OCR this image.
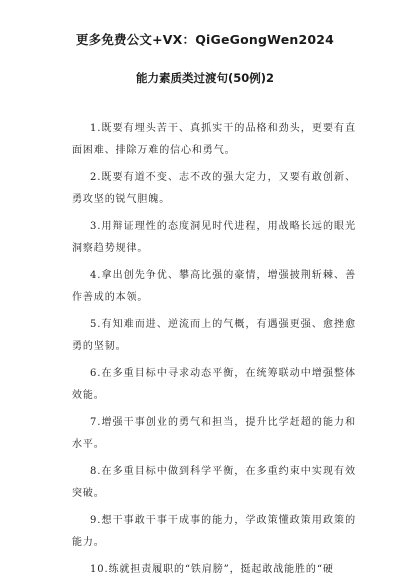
更多免费公文+VX：QiGeGongWen2024
能力素质类过渡句(50例)2

1.既要有埋头苦干、真抓实干的品格和劲头，更要有直面困难、排除万难的信心和勇气。

2.既要有道不变、志不改的强大定力，又要有敢创新、勇攻坚的锐气胆魄。

3.用辩证理性的态度洞见时代进程，用战略长远的眼光洞察趋势规律。

4.拿出创先争优、攀高比强的豪情，增强披荆斩棘、善作善成的本领。

5.有知难而进、逆流而上的气概，有遇强更强、愈挫愈勇的坚韧。

6.在多重目标中寻求动态平衡，在统筹联动中增强整体效能。

7.增强干事创业的勇气和担当，提升比学赶超的能力和水平。

8.在多重目标中做到科学平衡，在多重约束中实现有效突破。

9.想干事敢干事干成事的能力，学政策懂政策用政策的能力。

10.练就担责履职的“铁肩膀”，挺起敢战能胜的“硬
